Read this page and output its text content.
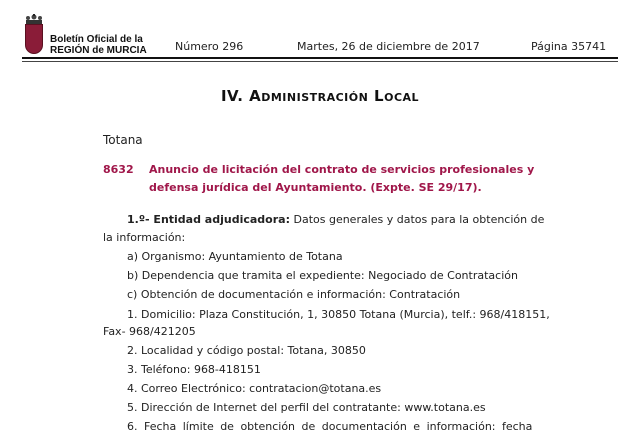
Boletín Oficial de la
REGIÓN de MURCIA	Número 296	Martes, 26 de diciembre de 2017	Página 35741
IV. Administración Local
Totana
8632 Anuncio de licitación del contrato de servicios profesionales y
defensa jurídica del Ayuntamiento. (Expte. SE 29/17).
1.º- Entidad adjudicadora: Datos generales y datos para la obtención de
la información:
a) Organismo: Ayuntamiento de Totana
b) Dependencia que tramita el expediente: Negociado de Contratación
c) Obtención de documentación e información: Contratación
1. Domicilio: Plaza Constitución, 1, 30850 Totana (Murcia), telf.: 968/418151,
Fax- 968/421205
2. Localidad y código postal: Totana, 30850
3. Teléfono: 968-418151
4. Correo Electrónico: contratacion@totana.es
5. Dirección de Internet del perfil del contratante: www.totana.es
6. Fecha límite de obtención de documentación e información: fecha
